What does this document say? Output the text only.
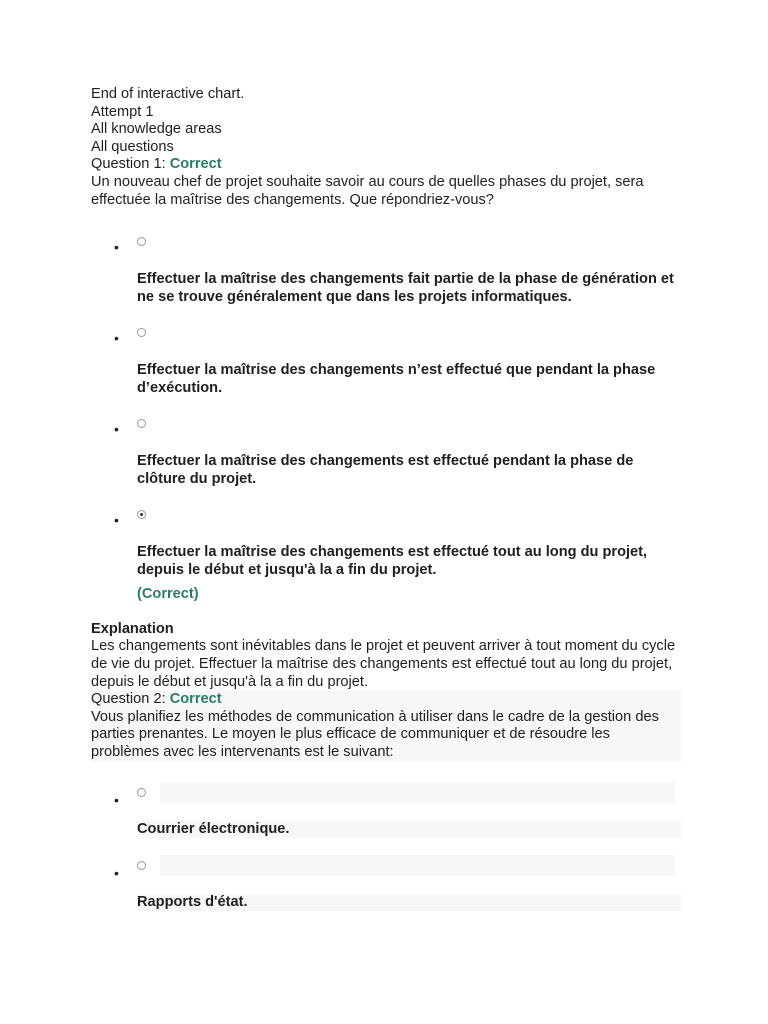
End of interactive chart.

Attempt 1

All knowledge areas

All questions

Question 1: Correct

Un nouveau chef de projet souhaite savoir au cours de quelles phases du projet, sera effectuée la maîtrise des changements. Que répondriez-vous?

•

Effectuer la maîtrise des changements fait partie de la phase de génération et ne se trouve généralement que dans les projets informatiques.

•

Effectuer la maîtrise des changements n’est effectué que pendant la phase d’exécution.

•

Effectuer la maîtrise des changements est effectué pendant la phase de clôture du projet.

•

Effectuer la maîtrise des changements est effectué tout au long du projet, depuis le début et jusqu'à la a fin du projet.

(Correct)

Explanation

Les changements sont inévitables dans le projet et peuvent arriver à tout moment du cycle de vie du projet. Effectuer la maîtrise des changements est effectué tout au long du projet, depuis le début et jusqu'à la a fin du projet.

Question 2: Correct

Vous planifiez les méthodes de communication à utiliser dans le cadre de la gestion des parties prenantes. Le moyen le plus efficace de communiquer et de résoudre les problèmes avec les intervenants est le suivant:

•

Courrier électronique.

•

Rapports d'état.
